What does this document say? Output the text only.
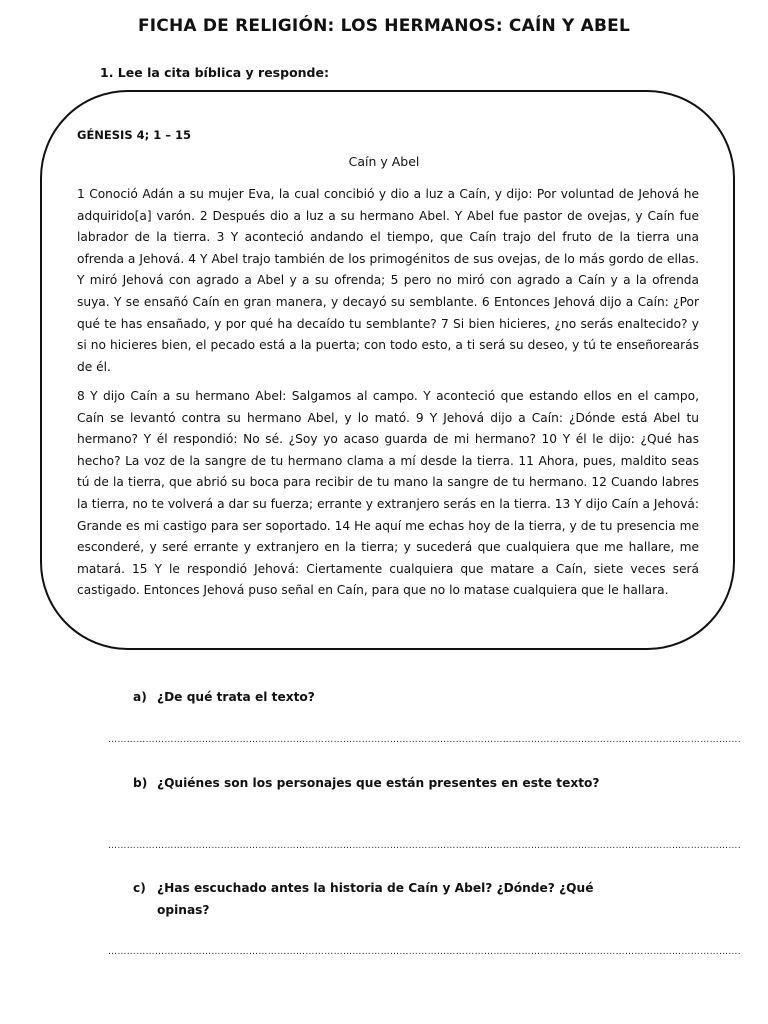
FICHA DE RELIGIÓN: LOS HERMANOS: CAÍN Y ABEL
1. Lee la cita bíblica y responde:
GÉNESIS 4; 1 – 15
Caín y Abel

1 Conoció Adán a su mujer Eva, la cual concibió y dio a luz a Caín, y dijo: Por voluntad de Jehová he adquirido[a] varón. 2 Después dio a luz a su hermano Abel. Y Abel fue pastor de ovejas, y Caín fue labrador de la tierra. 3 Y aconteció andando el tiempo, que Caín trajo del fruto de la tierra una ofrenda a Jehová. 4 Y Abel trajo también de los primogénitos de sus ovejas, de lo más gordo de ellas. Y miró Jehová con agrado a Abel y a su ofrenda; 5 pero no miró con agrado a Caín y a la ofrenda suya. Y se ensañó Caín en gran manera, y decayó su semblante. 6 Entonces Jehová dijo a Caín: ¿Por qué te has ensañado, y por qué ha decaído tu semblante? 7 Si bien hicieres, ¿no serás enaltecido? y si no hicieres bien, el pecado está a la puerta; con todo esto, a ti será su deseo, y tú te enseñorearás de él.

8 Y dijo Caín a su hermano Abel: Salgamos al campo. Y aconteció que estando ellos en el campo, Caín se levantó contra su hermano Abel, y lo mató. 9 Y Jehová dijo a Caín: ¿Dónde está Abel tu hermano? Y él respondió: No sé. ¿Soy yo acaso guarda de mi hermano? 10 Y él le dijo: ¿Qué has hecho? La voz de la sangre de tu hermano clama a mí desde la tierra. 11 Ahora, pues, maldito seas tú de la tierra, que abrió su boca para recibir de tu mano la sangre de tu hermano. 12 Cuando labres la tierra, no te volverá a dar su fuerza; errante y extranjero serás en la tierra. 13 Y dijo Caín a Jehová: Grande es mi castigo para ser soportado. 14 He aquí me echas hoy de la tierra, y de tu presencia me esconderé, y seré errante y extranjero en la tierra; y sucederá que cualquiera que me hallare, me matará. 15 Y le respondió Jehová: Ciertamente cualquiera que matare a Caín, siete veces será castigado. Entonces Jehová puso señal en Caín, para que no lo matase cualquiera que le hallara.

a) ¿De qué trata el texto?
………………………………………………………………………………………………………………………………………………………………………………….
b) ¿Quiénes son los personajes que están presentes en este texto?
………………………………………………………………………………………………………………………………………………………………………………….
c) ¿Has escuchado antes la historia de Caín y Abel? ¿Dónde? ¿Qué opinas?
………………………………………………………………………………………………………………………………………………………………………………….
